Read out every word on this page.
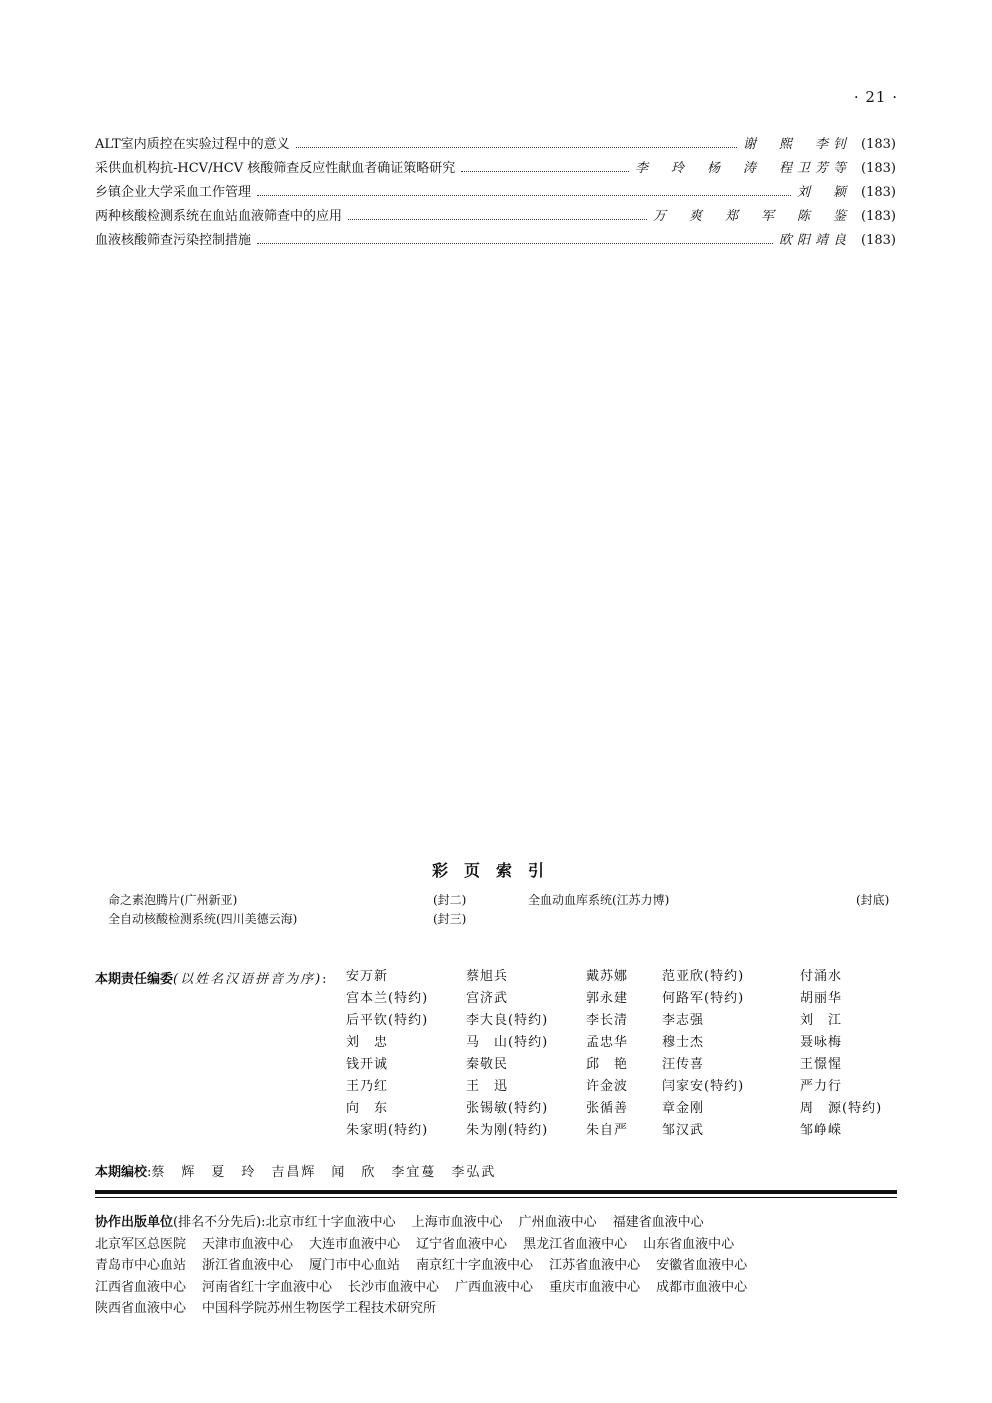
· 21 ·
ALT室内质控在实验过程中的意义	谢　熙　李钊 (183)
采供血机构抗-HCV/HCV 核酸筛查反应性献血者确证策略研究	李　玲　杨　涛　程卫芳等 (183)
乡镇企业大学采血工作管理	刘　颖 (183)
两种核酸检测系统在血站血液筛查中的应用	万　爽　郑　军　陈　鉴 (183)
血液核酸筛查污染控制措施	欧阳靖良 (183)
彩页索引
命之素泡腾片(广州新亚)	(封二)	全血动血库系统(江苏力博)	(封底)
全自动核酸检测系统(四川美德云海)	(封三)
本期责任编委(以姓名汉语拼音为序): 安万新	蔡旭兵	戴苏娜	范亚欣(特约)	付涌水
宫本兰(特约)	宫济武	郭永建	何路军(特约)	胡丽华
后平钦(特约)	李大良(特约)	李长清	李志强	刘　江
刘　忠	马　山(特约)	孟忠华	穆士杰	聂咏梅
钱开诚	秦敬民	邱　艳	汪传喜	王憬惺
王乃红	王　迅	许金波	闫家安(特约)	严力行
向　东	张锡敏(特约)	张循善	章金刚	周　源(特约)
朱家明(特约)	朱为刚(特约)	朱自严	邹汉武	邹峥嵘
本期编校:蔡　辉　夏　玲　吉昌辉　闻　欣　李宜蔓　李弘武
协作出版单位(排名不分先后):北京市红十字血液中心 上海市血液中心 广州血液中心 福建省血液中心
北京军区总医院 天津市血液中心 大连市血液中心 辽宁省血液中心 黑龙江省血液中心 山东省血液中心
青岛市中心血站 浙江省血液中心 厦门市中心血站 南京红十字血液中心 江苏省血液中心 安徽省血液中心
江西省血液中心 河南省红十字血液中心 长沙市血液中心 广西血液中心 重庆市血液中心 成都市血液中心
陕西省血液中心 中国科学院苏州生物医学工程技术研究所
